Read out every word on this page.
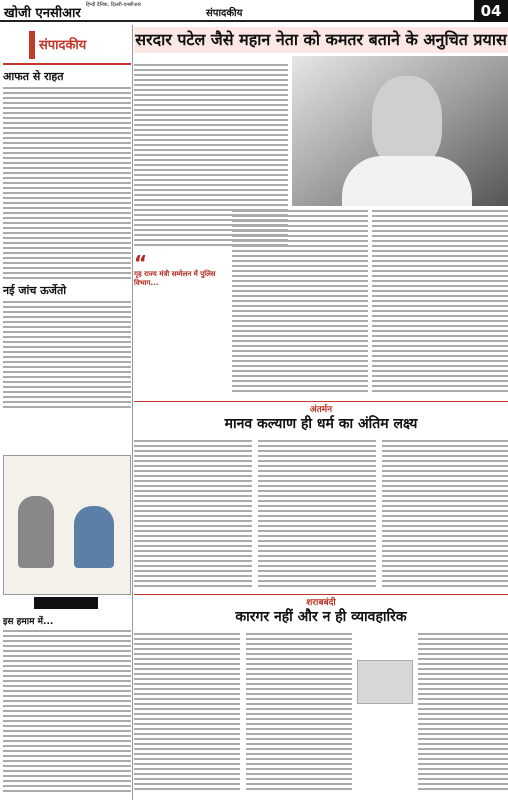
खोजी एनसीआर
हिन्दी दैनिक, दिल्ली-एनसीआर
संपादकीय	04
संपादकीय
आफत से राहत
नई जांच ऊर्जेतो
इस हमाम में...
सरदार पटेल जैसे महान नेता को कमतर बताने के अनुचित प्रयास
“
गृह राज्य मंत्री सम्मेलन में पुलिस विभाग...
अंतर्मन
मानव कल्याण ही धर्म का अंतिम लक्ष्य
शराबबंदी
कारगर नहीं और न ही व्यावहारिक
